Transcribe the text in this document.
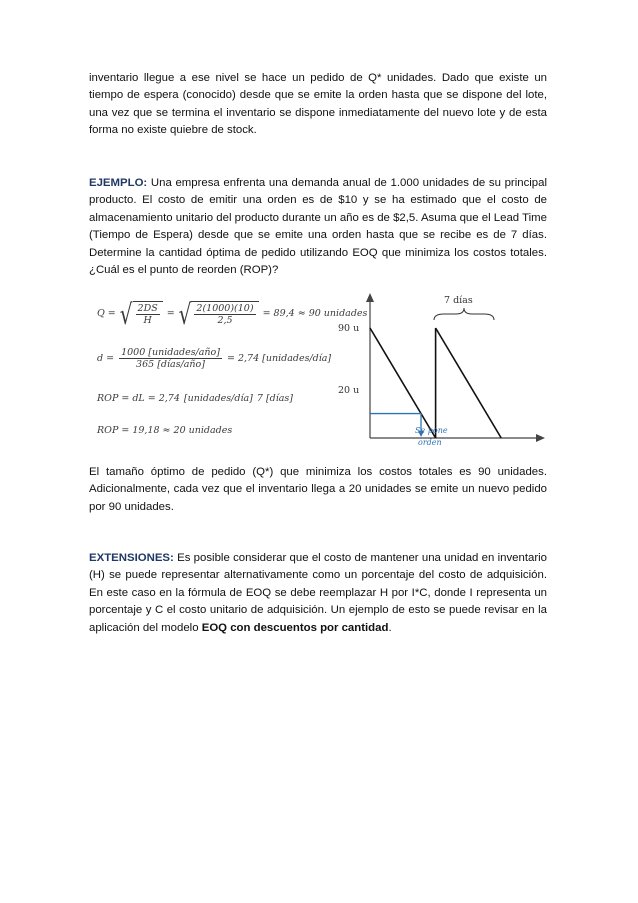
inventario llegue a ese nivel se hace un pedido de Q* unidades. Dado que existe un tiempo de espera (conocido) desde que se emite la orden hasta que se dispone del lote, una vez que se termina el inventario se dispone inmediatamente del nuevo lote y de esta forma no existe quiebre de stock.

EJEMPLO: Una empresa enfrenta una demanda anual de 1.000 unidades de su principal producto. El costo de emitir una orden es de $10 y se ha estimado que el costo de almacenamiento unitario del producto durante un año es de $2,5. Asuma que el Lead Time (Tiempo de Espera) desde que se emite una orden hasta que se recibe es de 7 días. Determine la cantidad óptima de pedido utilizando EOQ que minimiza los costos totales. ¿Cuál es el punto de reorden (ROP)?

Q = √ $\frac{2DS}{H}$ = √ $\frac{2(1000)(10)}{2,5} = 89,4 \approx 90$ unidades
$d = \frac{\text{1000 [unidades/año]}}{\text{365 [días/año]}} = 2,74$ [unidades/día]
ROP = dL = 2,74 [unidades/día] 7 [días]
ROP = 19,18 ≈ 20 unidades
90 u
20 u
7 días
Se pone
orden

El tamaño óptimo de pedido (Q*) que minimiza los costos totales es 90 unidades. Adicionalmente, cada vez que el inventario llega a 20 unidades se emite un nuevo pedido por 90 unidades.

EXTENSIONES: Es posible considerar que el costo de mantener una unidad en inventario (H) se puede representar alternativamente como un porcentaje del costo de adquisición. En este caso en la fórmula de EOQ se debe reemplazar H por I*C, donde I representa un porcentaje y C el costo unitario de adquisición. Un ejemplo de esto se puede revisar en la aplicación del modelo EOQ con descuentos por cantidad.
